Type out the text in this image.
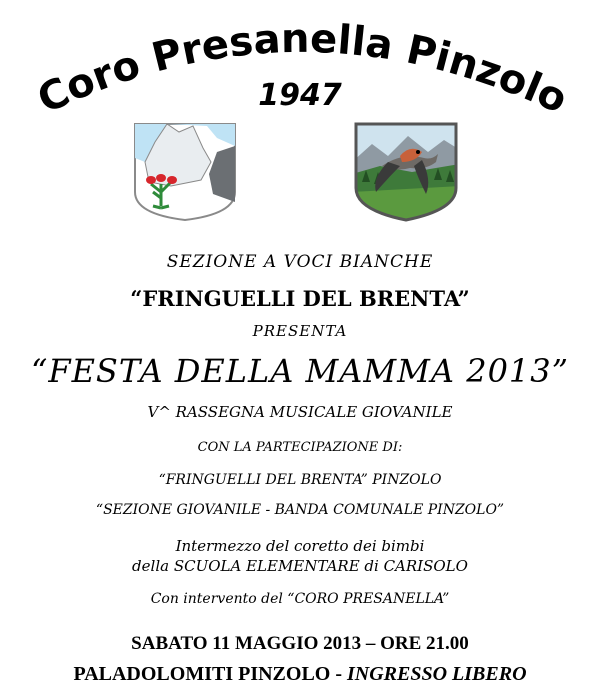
Coro Presanella Pinzolo
1947
SEZIONE A VOCI BIANCHE
“FRINGUELLI DEL BRENTA”
PRESENTA
“FESTA DELLA MAMMA 2013”
V^ RASSEGNA MUSICALE GIOVANILE
CON LA PARTECIPAZIONE DI:
“FRINGUELLI DEL BRENTA” PINZOLO
“SEZIONE GIOVANILE - BANDA COMUNALE PINZOLO”
Intermezzo del coretto dei bimbi
della SCUOLA ELEMENTARE di CARISOLO
Con intervento del “CORO PRESANELLA”
SABATO 11 MAGGIO 2013 – ORE 21.00
PALADOLOMITI PINZOLO - INGRESSO LIBERO
